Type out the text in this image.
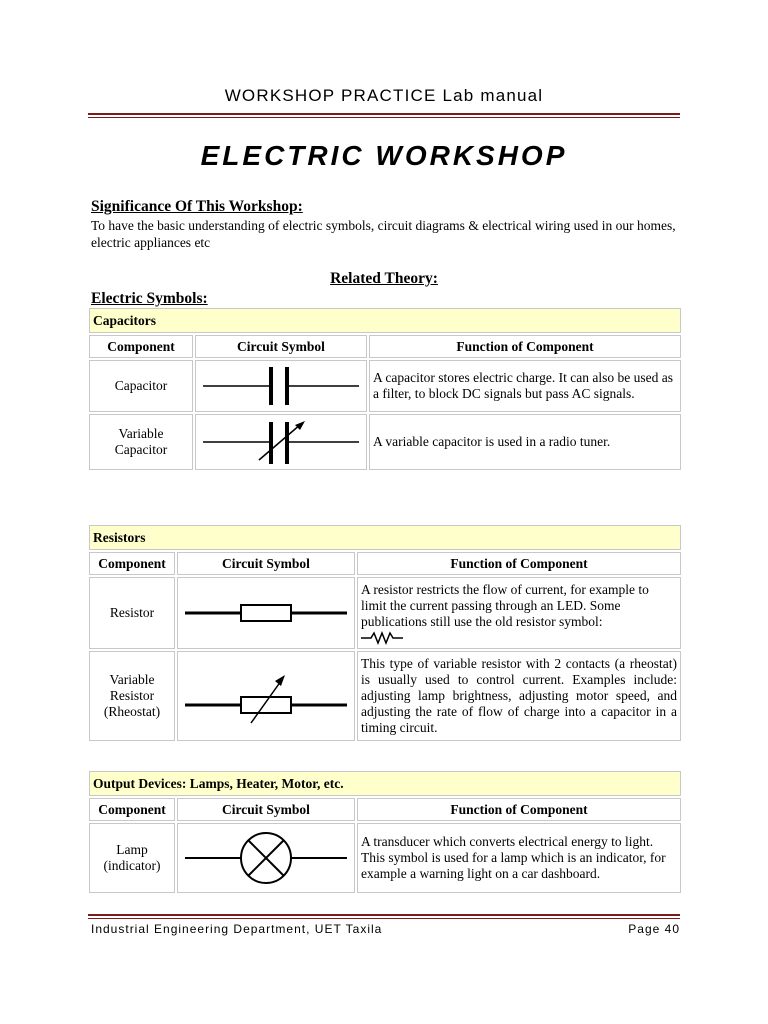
WORKSHOP PRACTICE Lab manual
ELECTRIC WORKSHOP
Significance Of This Workshop:
To have the basic understanding of electric symbols, circuit diagrams & electrical wiring used in our homes, electric appliances etc
Related Theory:
Electric Symbols:
Capacitors		
Component	Circuit Symbol	Function of Component
Capacitor		A capacitor stores electric charge. It can also be used as a filter, to block DC signals but pass AC signals.
Variable Capacitor		A variable capacitor is used in a radio tuner.
Resistors		
Component	Circuit Symbol	Function of Component
Resistor		A resistor restricts the flow of current, for example to limit the current passing through an LED. Some publications still use the old resistor symbol:

Variable Resistor (Rheostat)		This type of variable resistor with 2 contacts (a rheostat) is usually used to control current. Examples include: adjusting lamp brightness, adjusting motor speed, and adjusting the rate of flow of charge into a capacitor in a timing circuit.
Output Devices: Lamps, Heater, Motor, etc.		
Component	Circuit Symbol	Function of Component
Lamp (indicator)		A transducer which converts electrical energy to light. This symbol is used for a lamp which is an indicator, for example a warning light on a car dashboard.
Industrial Engineering Department, UET Taxila	Page 40
